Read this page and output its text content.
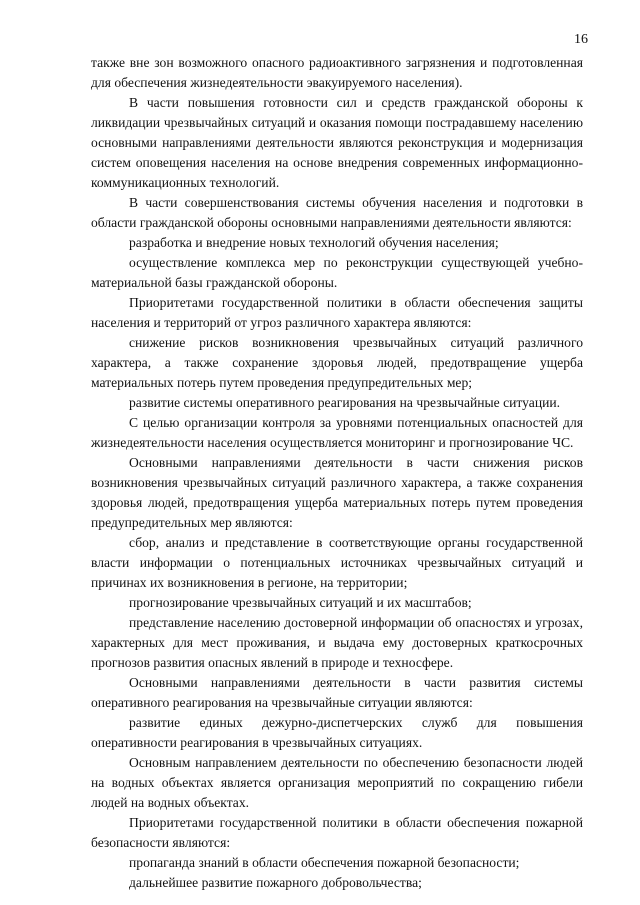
16

также вне зон возможного опасного радиоактивного загрязнения и подготовленная для обеспечения жизнедеятельности эвакуируемого населения).

В части повышения готовности сил и средств гражданской обороны к ликвидации чрезвычайных ситуаций и оказания помощи пострадавшему населению основными направлениями деятельности являются реконструкция и модернизация систем оповещения населения на основе внедрения современных информационно-коммуникационных технологий.

В части совершенствования системы обучения населения и подготовки в области гражданской обороны основными направлениями деятельности являются:

разработка и внедрение новых технологий обучения населения;

осуществление комплекса мер по реконструкции существующей учебно-материальной базы гражданской обороны.

Приоритетами государственной политики в области обеспечения защиты населения и территорий от угроз различного характера являются:

снижение рисков возникновения чрезвычайных ситуаций различного характера, а также сохранение здоровья людей, предотвращение ущерба материальных потерь путем проведения предупредительных мер;

развитие системы оперативного реагирования на чрезвычайные ситуации.

С целью организации контроля за уровнями потенциальных опасностей для жизнедеятельности населения осуществляется мониторинг и прогнозирование ЧС.

Основными направлениями деятельности в части снижения рисков возникновения чрезвычайных ситуаций различного характера, а также сохранения здоровья людей, предотвращения ущерба материальных потерь путем проведения предупредительных мер являются:

сбор, анализ и представление в соответствующие органы государственной власти информации о потенциальных источниках чрезвычайных ситуаций и причинах их возникновения в регионе, на территории;

прогнозирование чрезвычайных ситуаций и их масштабов;

представление населению достоверной информации об опасностях и угрозах, характерных для мест проживания, и выдача ему достоверных краткосрочных прогнозов развития опасных явлений в природе и техносфере.

Основными направлениями деятельности в части развития системы оперативного реагирования на чрезвычайные ситуации являются:

развитие единых дежурно-диспетчерских служб для повышения оперативности реагирования в чрезвычайных ситуациях.

Основным направлением деятельности по обеспечению безопасности людей на водных объектах является организация мероприятий по сокращению гибели людей на водных объектах.

Приоритетами государственной политики в области обеспечения пожарной безопасности являются:

пропаганда знаний в области обеспечения пожарной безопасности;

дальнейшее развитие пожарного добровольчества;
